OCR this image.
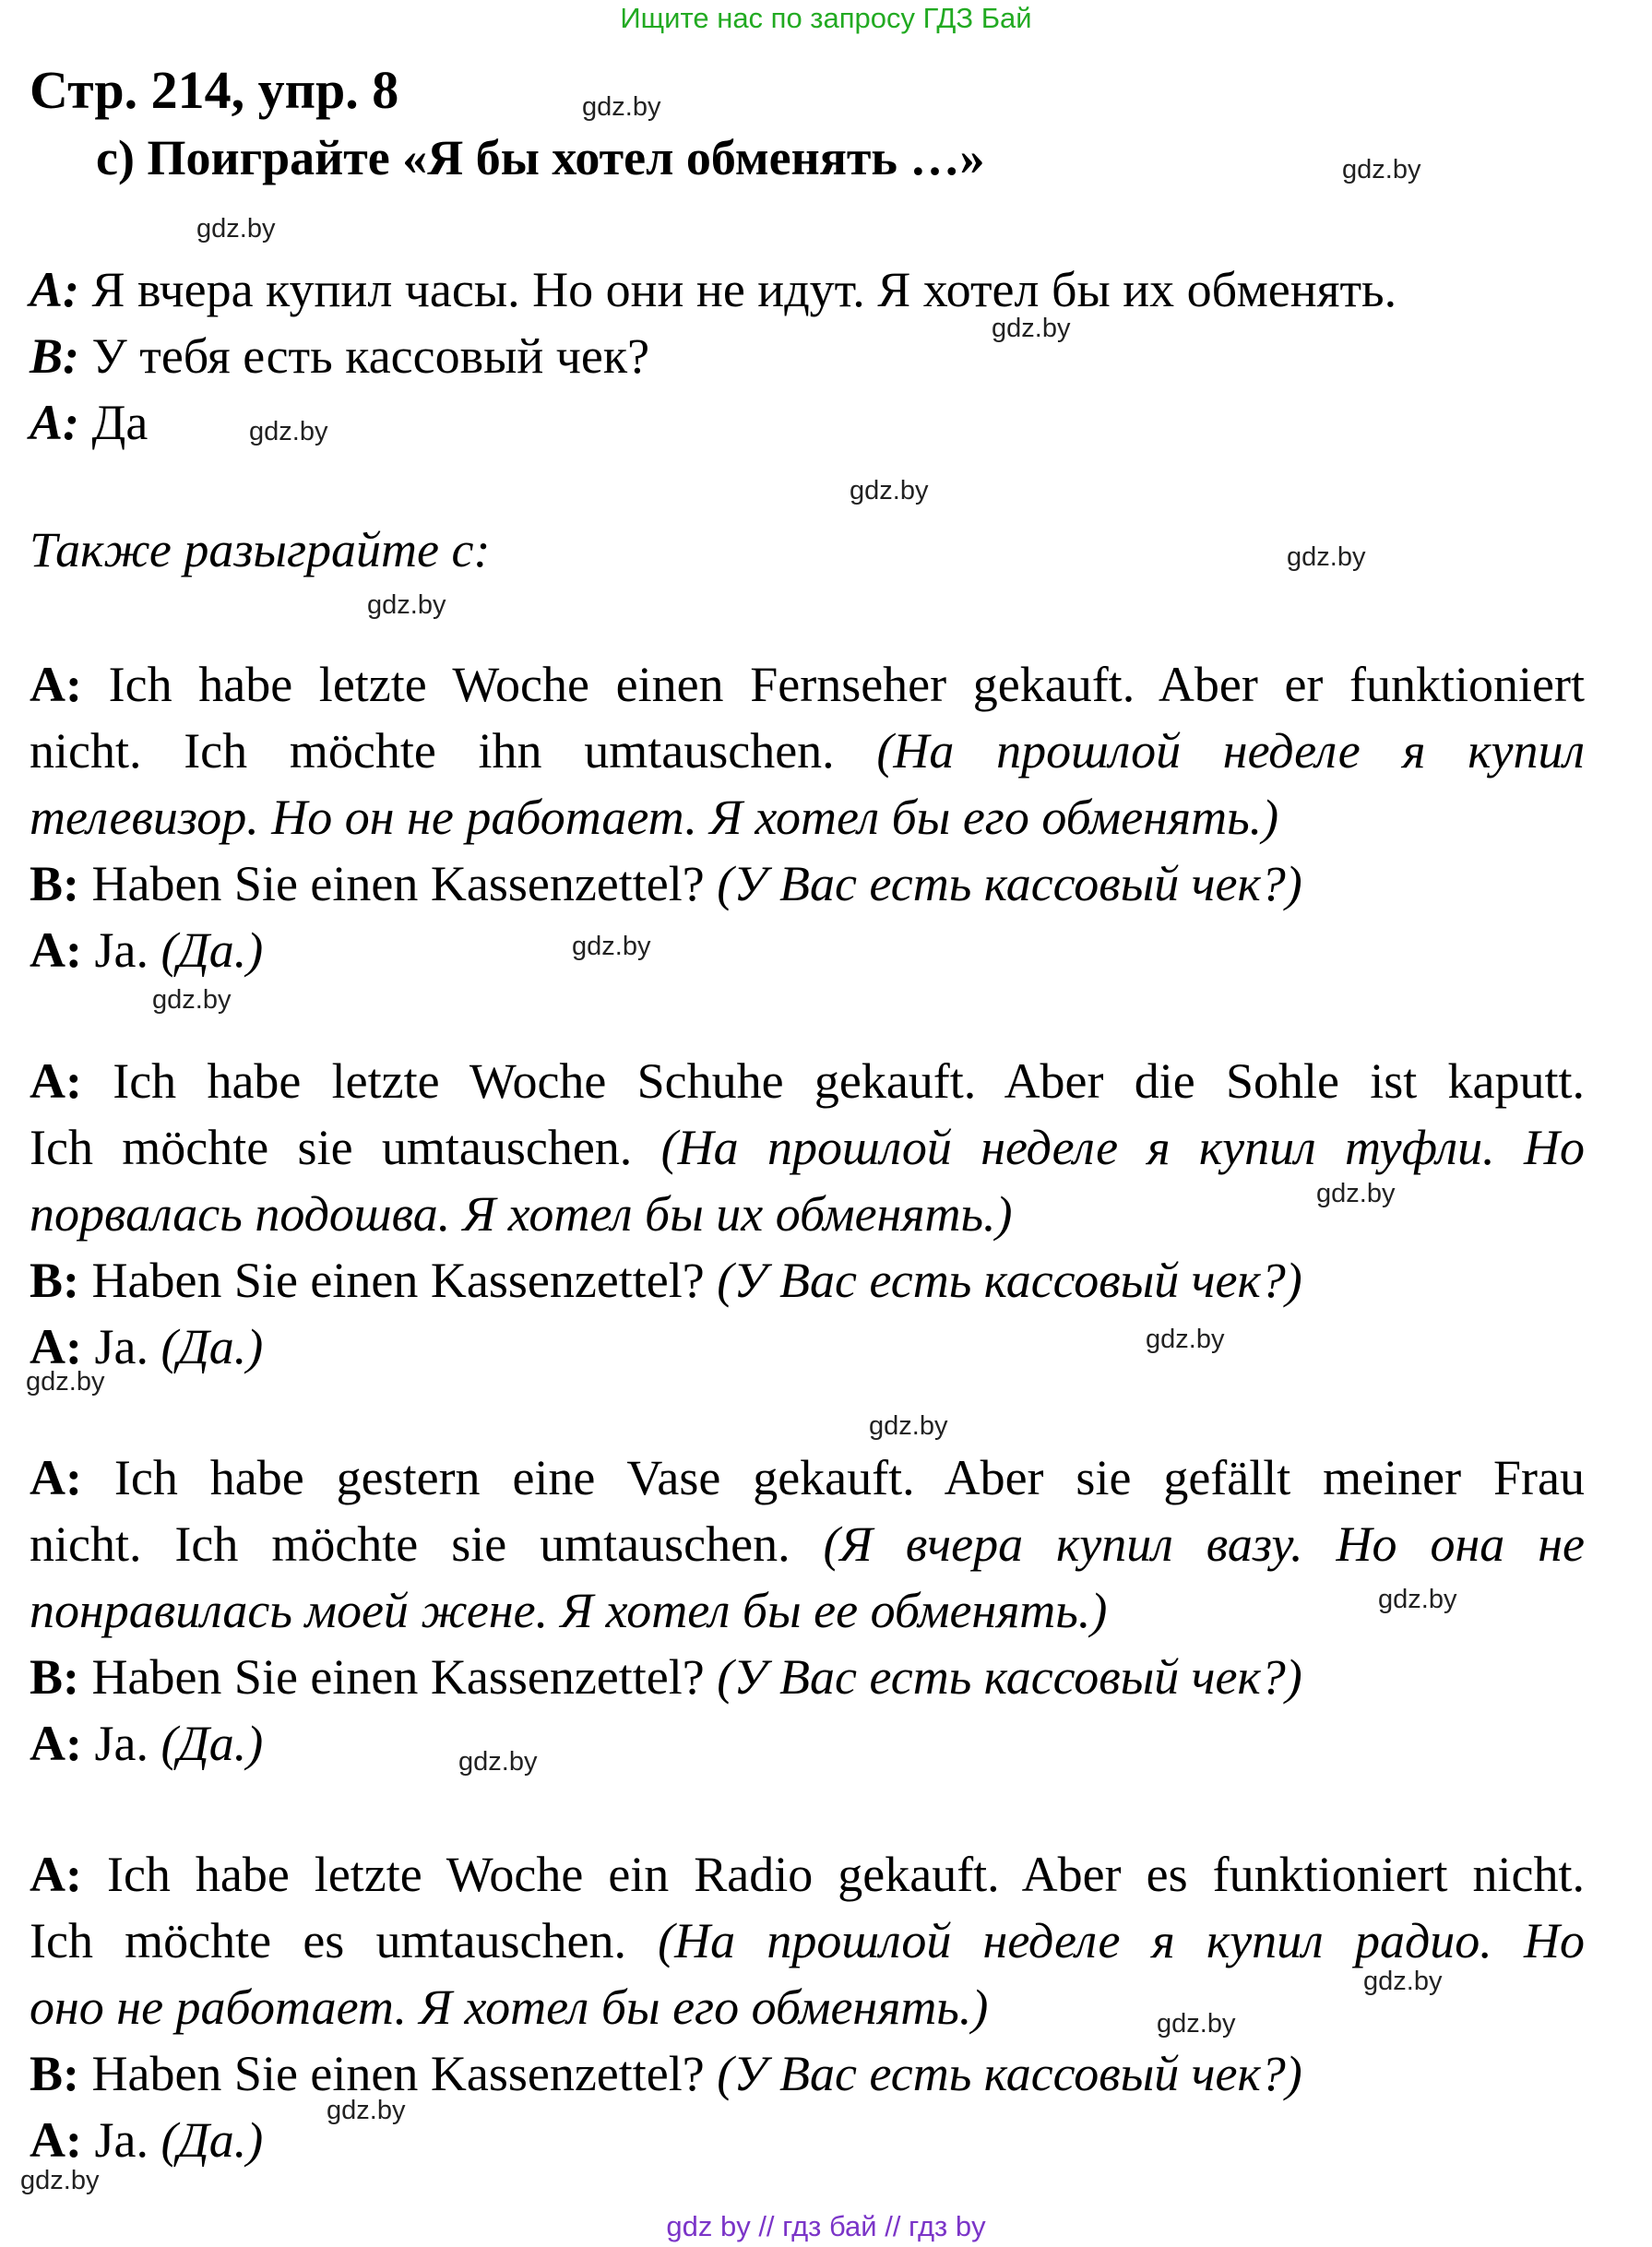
Ищите нас по запросу ГДЗ Бай
Стр. 214, упр. 8
c) Поиграйте «Я бы хотел обменять …»
А: Я вчера купил часы. Но они не идут. Я хотел бы их обменять.
В: У тебя есть кассовый чек?
А: Да
Также разыграйте с:
A: Ich habe letzte Woche einen Fernseher gekauft. Aber er funktioniert
nicht. Ich möchte ihn umtauschen. (На прошлой неделе я купил
телевизор. Но он не работает. Я хотел бы его обменять.)
B: Haben Sie einen Kassenzettel? (У Вас есть кассовый чек?)
A: Ja. (Да.)
A: Ich habe letzte Woche Schuhe gekauft. Aber die Sohle ist kaputt.
Ich möchte sie umtauschen. (На прошлой неделе я купил туфли. Но
порвалась подошва. Я хотел бы их обменять.)
B: Haben Sie einen Kassenzettel? (У Вас есть кассовый чек?)
A: Ja. (Да.)
A: Ich habe gestern eine Vase gekauft. Aber sie gefällt meiner Frau
nicht. Ich möchte sie umtauschen. (Я вчера купил вазу. Но она не
понравилась моей жене. Я хотел бы ее обменять.)
B: Haben Sie einen Kassenzettel? (У Вас есть кассовый чек?)
A: Ja. (Да.)
A: Ich habe letzte Woche ein Radio gekauft. Aber es funktioniert nicht.
Ich möchte es umtauschen. (На прошлой неделе я купил радио. Но
оно не работает. Я хотел бы его обменять.)
B: Haben Sie einen Kassenzettel? (У Вас есть кассовый чек?)
A: Ja. (Да.)
gdz.by
gdz.by
gdz.by
gdz.by
gdz.by
gdz.by
gdz.by
gdz.by
gdz.by
gdz.by
gdz.by
gdz.by
gdz.by
gdz.by
gdz.by
gdz.by
gdz.by
gdz.by
gdz.by
gdz.by
gdz by // гдз бай // гдз by
